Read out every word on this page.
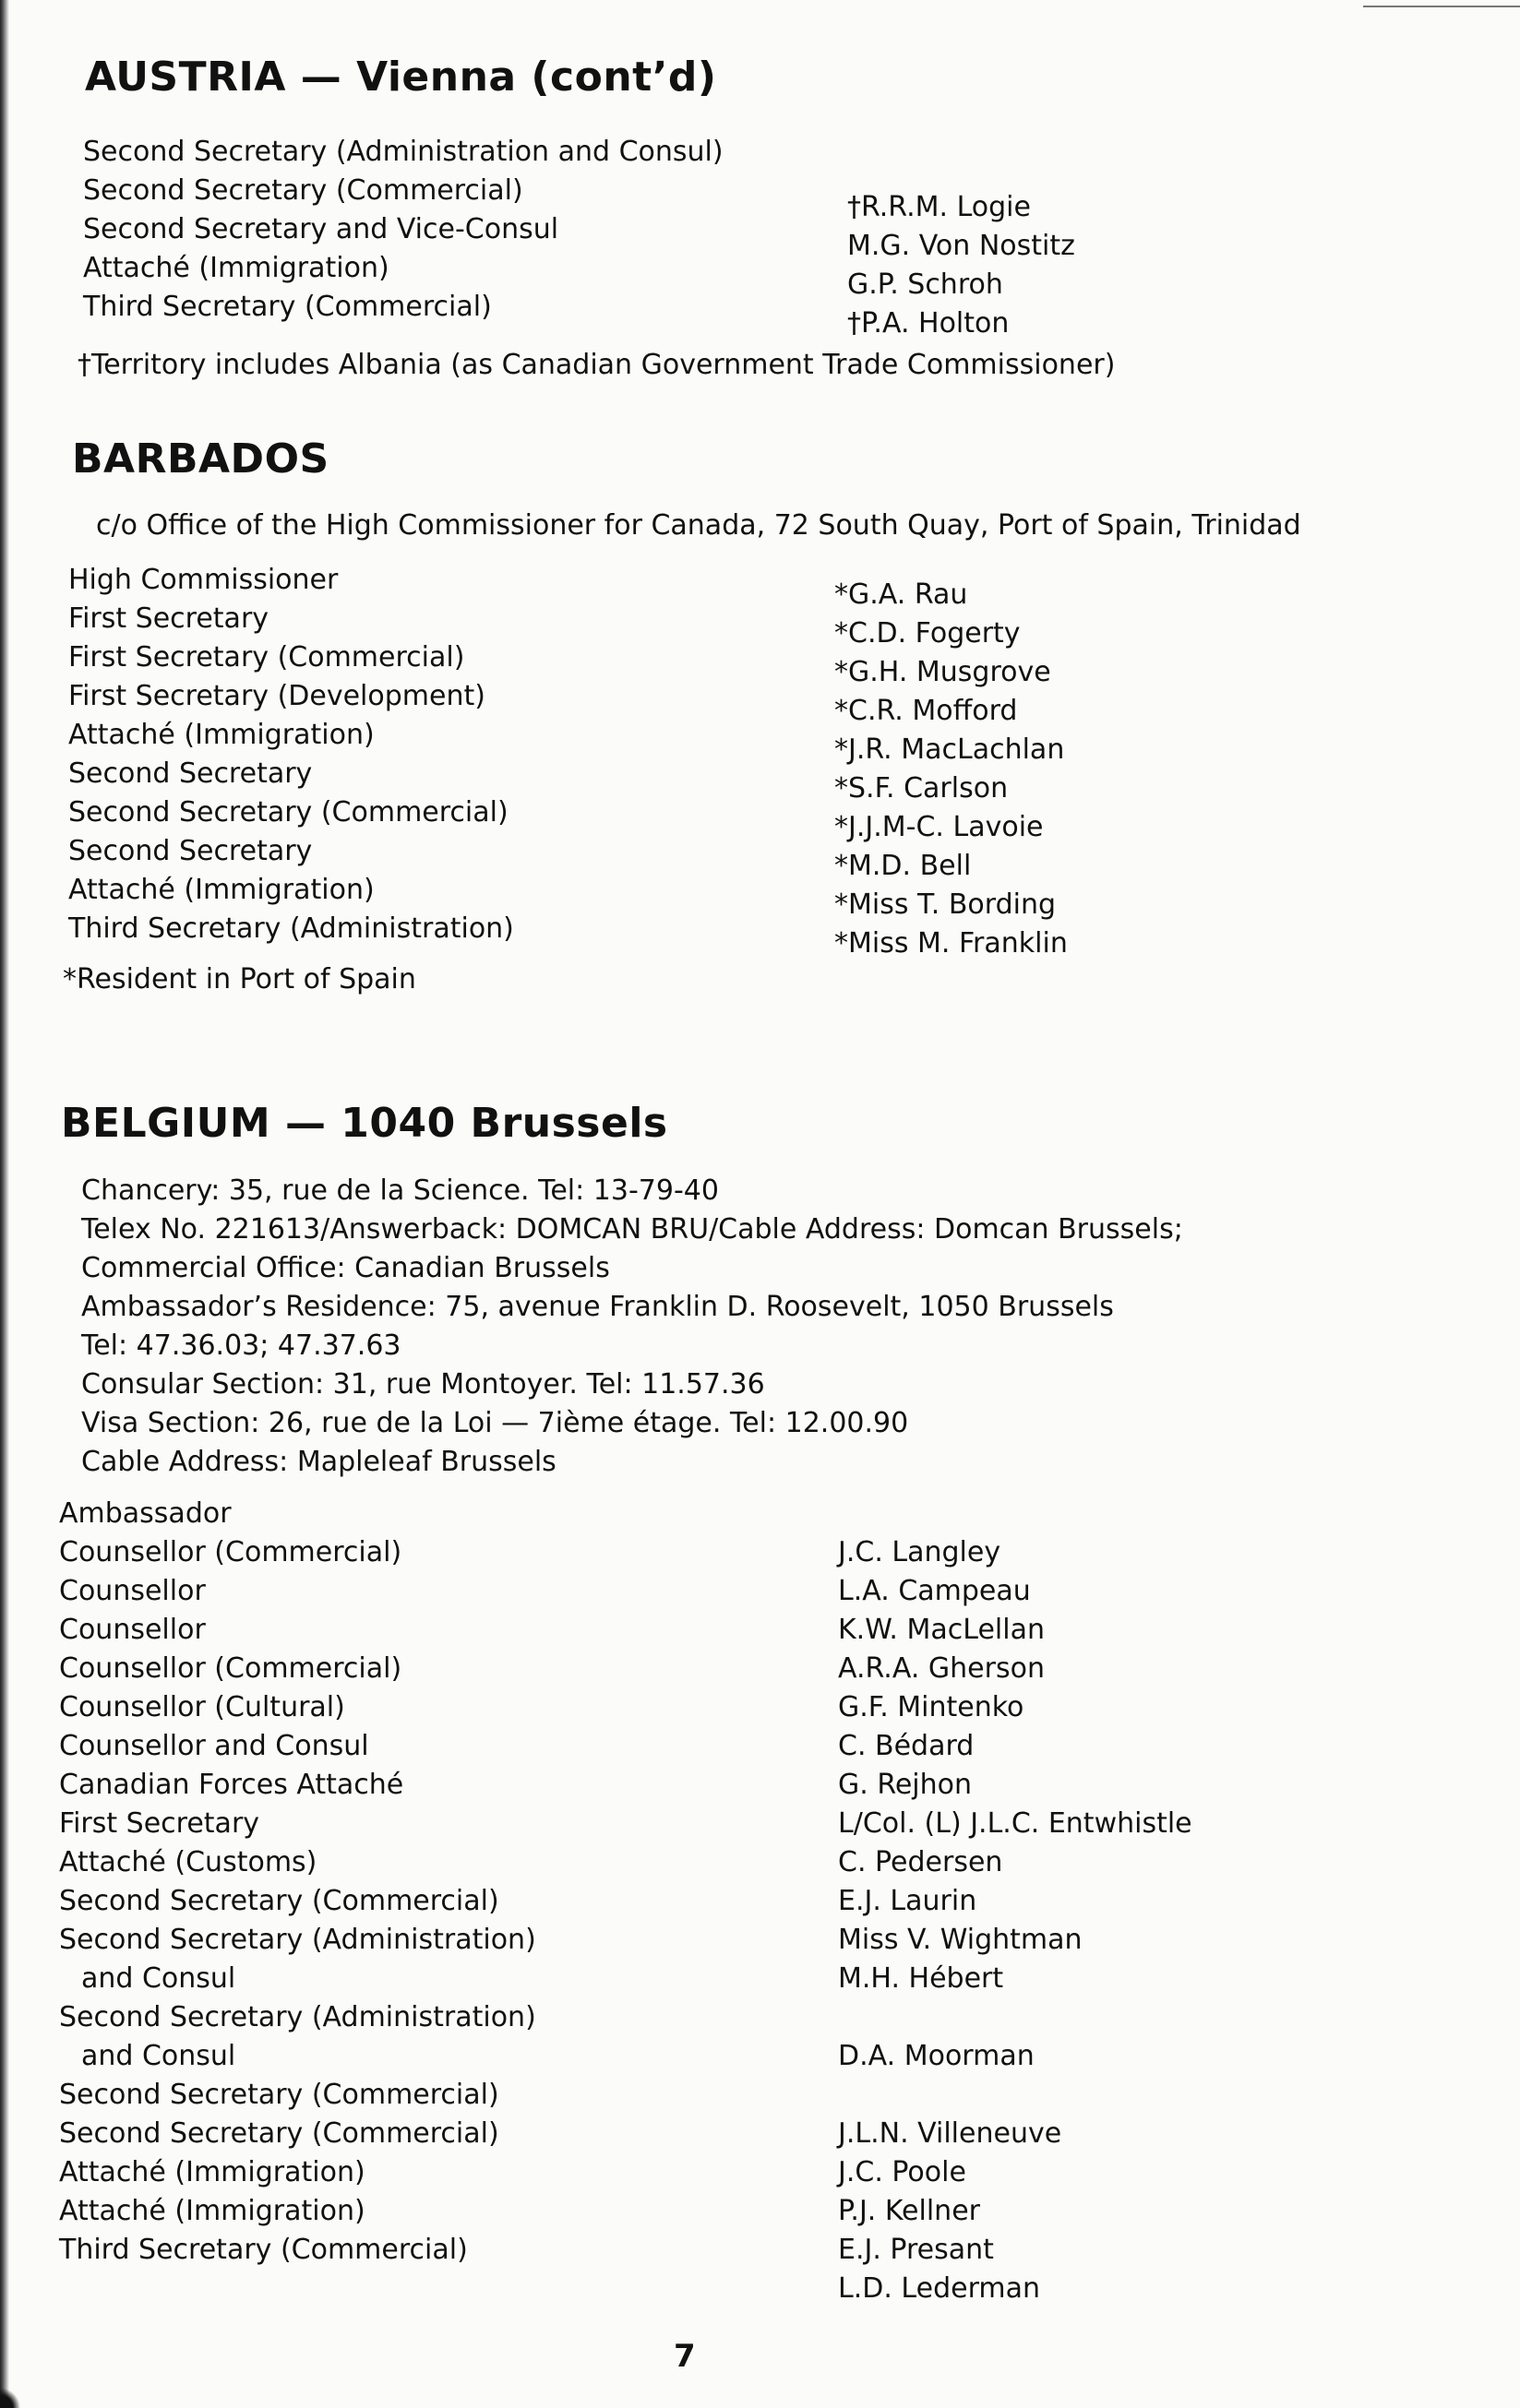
AUSTRIA — Vienna (cont’d)
Second Secretary (Administration and Consul)
Second Secretary (Commercial)
Second Secretary and Vice-Consul
Attaché (Immigration)
Third Secretary (Commercial)
†R.R.M. Logie
M.G. Von Nostitz
G.P. Schroh
†P.A. Holton
†Territory includes Albania (as Canadian Government Trade Commissioner)
BARBADOS
c/o Office of the High Commissioner for Canada, 72 South Quay, Port of Spain, Trinidad
High Commissioner
First Secretary
First Secretary (Commercial)
First Secretary (Development)
Attaché (Immigration)
Second Secretary
Second Secretary (Commercial)
Second Secretary
Attaché (Immigration)
Third Secretary (Administration)
*G.A. Rau
*C.D. Fogerty
*G.H. Musgrove
*C.R. Mofford
*J.R. MacLachlan
*S.F. Carlson
*J.J.M-C. Lavoie
*M.D. Bell
*Miss T. Bording
*Miss M. Franklin
*Resident in Port of Spain
BELGIUM — 1040 Brussels
Chancery: 35, rue de la Science. Tel: 13-79-40
Telex No. 221613/Answerback: DOMCAN BRU/Cable Address: Domcan Brussels;
Commercial Office: Canadian Brussels
Ambassador’s Residence: 75, avenue Franklin D. Roosevelt, 1050 Brussels
Tel: 47.36.03; 47.37.63
Consular Section: 31, rue Montoyer. Tel: 11.57.36
Visa Section: 26, rue de la Loi — 7ième étage. Tel: 12.00.90
Cable Address: Mapleleaf Brussels
Ambassador
Counsellor (Commercial)
Counsellor
Counsellor
Counsellor (Commercial)
Counsellor (Cultural)
Counsellor and Consul
Canadian Forces Attaché
First Secretary
Attaché (Customs)
Second Secretary (Commercial)
Second Secretary (Administration)
and Consul
Second Secretary (Administration)
and Consul
Second Secretary (Commercial)
Second Secretary (Commercial)
Attaché (Immigration)
Attaché (Immigration)
Third Secretary (Commercial)
J.C. Langley
L.A. Campeau
K.W. MacLellan
A.R.A. Gherson
G.F. Mintenko
C. Bédard
G. Rejhon
L/Col. (L) J.L.C. Entwhistle
C. Pedersen
E.J. Laurin
Miss V. Wightman
M.H. Hébert
D.A. Moorman
J.L.N. Villeneuve
J.C. Poole
P.J. Kellner
E.J. Presant
L.D. Lederman
7
